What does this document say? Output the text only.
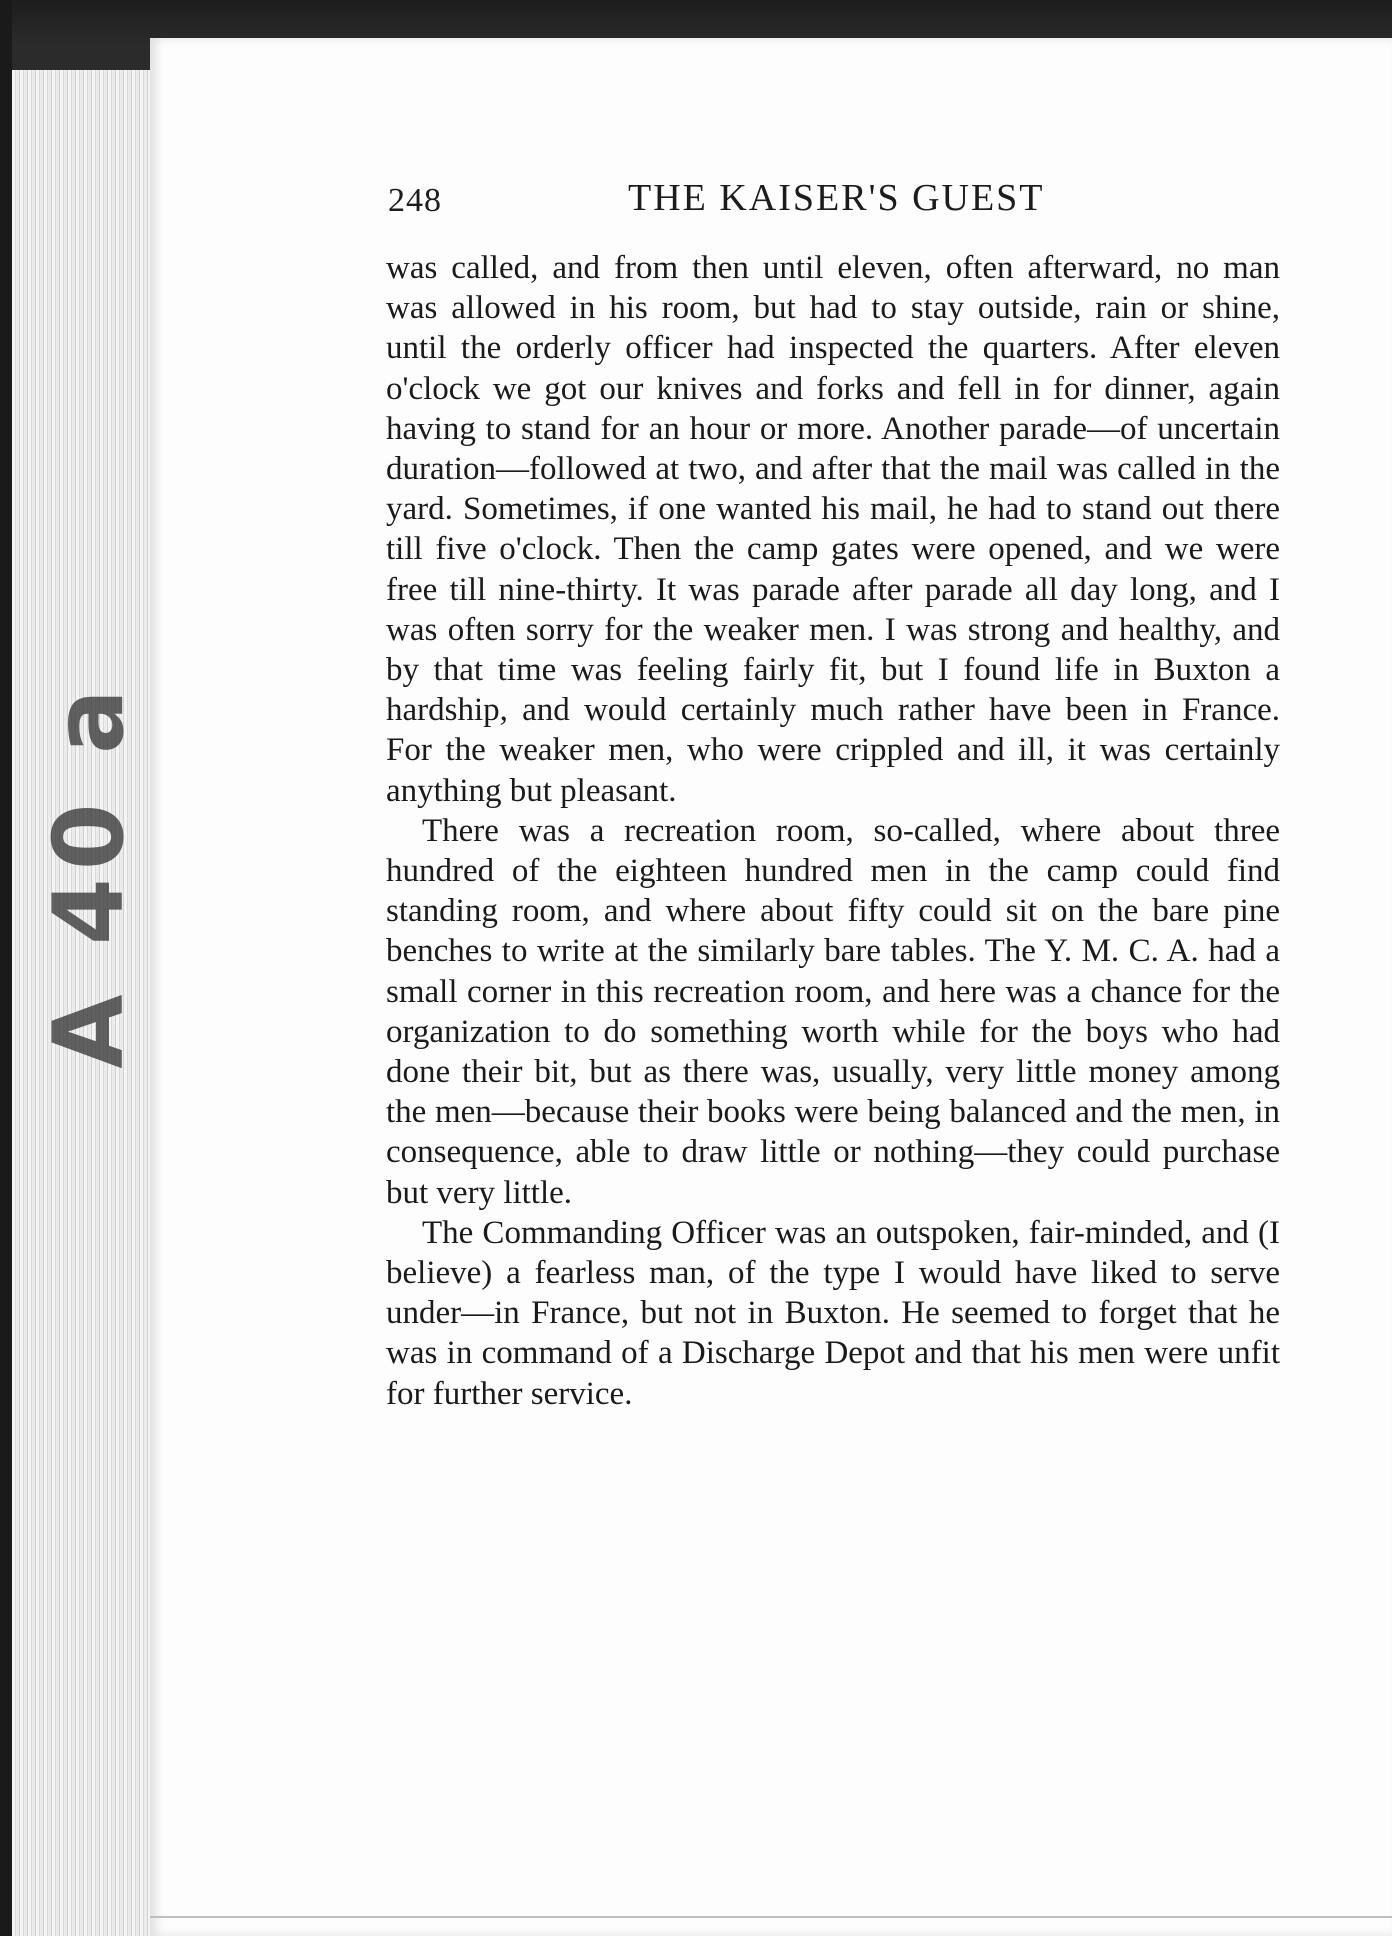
A 40 a
248	THE KAISER'S GUEST

was called, and from then until eleven, often afterward, no man was allowed in his room, but had to stay outside, rain or shine, until the orderly officer had inspected the quarters. After eleven o'clock we got our knives and forks and fell in for dinner, again having to stand for an hour or more. Another parade—of uncertain duration—followed at two, and after that the mail was called in the yard. Sometimes, if one wanted his mail, he had to stand out there till five o'clock. Then the camp gates were opened, and we were free till nine-thirty. It was parade after parade all day long, and I was often sorry for the weaker men. I was strong and healthy, and by that time was feeling fairly fit, but I found life in Buxton a hardship, and would certainly much rather have been in France. For the weaker men, who were crippled and ill, it was certainly anything but pleasant.

There was a recreation room, so-called, where about three hundred of the eighteen hundred men in the camp could find standing room, and where about fifty could sit on the bare pine benches to write at the similarly bare tables. The Y. M. C. A. had a small corner in this recreation room, and here was a chance for the organization to do something worth while for the boys who had done their bit, but as there was, usually, very little money among the men—because their books were being balanced and the men, in consequence, able to draw little or nothing—they could purchase but very little.

The Commanding Officer was an outspoken, fair-minded, and (I believe) a fearless man, of the type I would have liked to serve under—in France, but not in Buxton. He seemed to forget that he was in command of a Discharge Depot and that his men were unfit for further service.
